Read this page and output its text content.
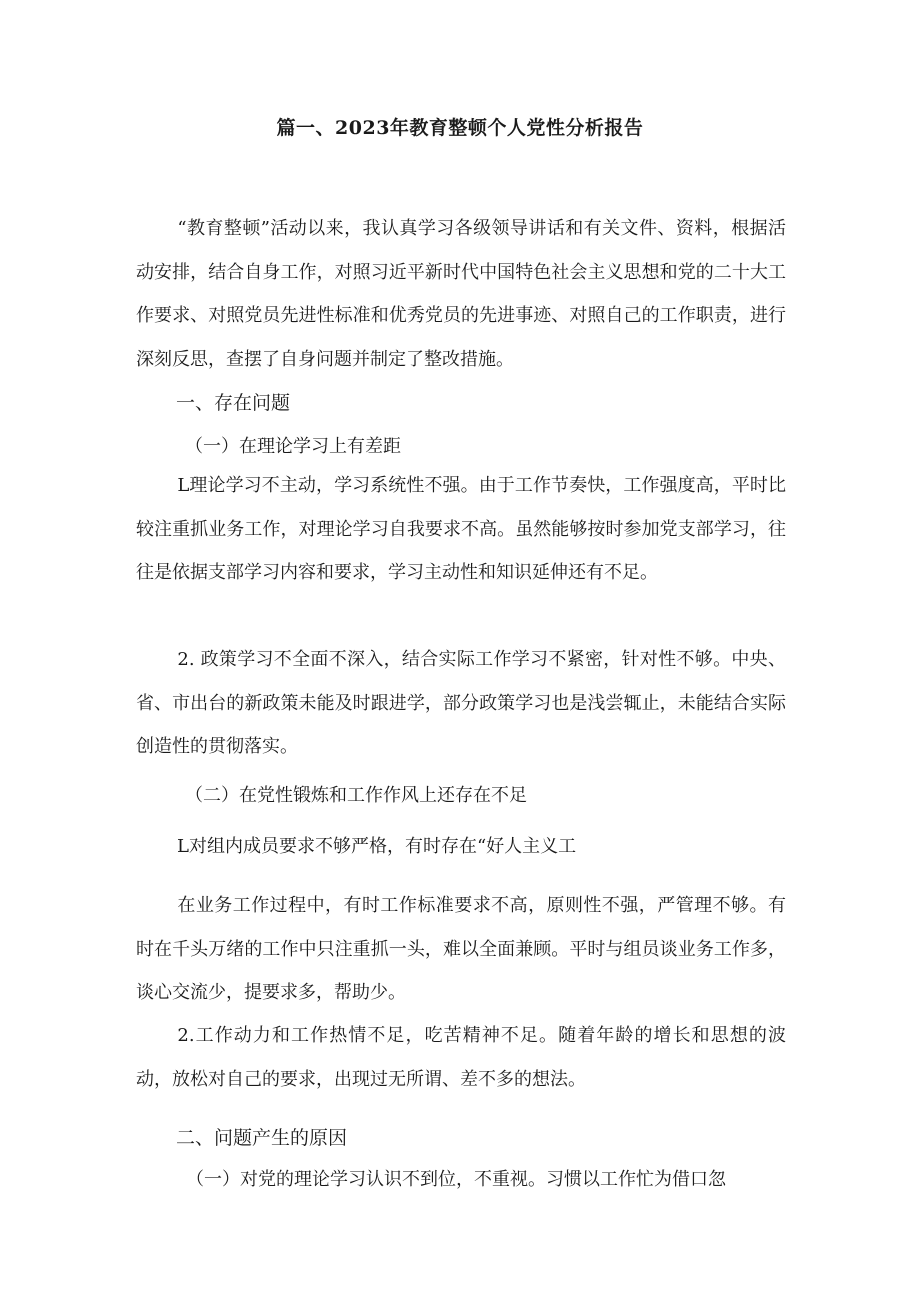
篇一、2023年教育整顿个人党性分析报告

“教育整顿”活动以来，我认真学习各级领导讲话和有关文件、资料，根据活动安排，结合自身工作，对照习近平新时代中国特色社会主义思想和党的二十大工作要求、对照党员先进性标准和优秀党员的先进事迹、对照自己的工作职责，进行深刻反思，查摆了自身问题并制定了整改措施。

一、存在问题

（一）在理论学习上有差距

L理论学习不主动，学习系统性不强。由于工作节奏快，工作强度高，平时比较注重抓业务工作，对理论学习自我要求不高。虽然能够按时参加党支部学习，往往是依据支部学习内容和要求，学习主动性和知识延伸还有不足。

2. 政策学习不全面不深入，结合实际工作学习不紧密，针对性不够。中央、省、市出台的新政策未能及时跟进学，部分政策学习也是浅尝辄止，未能结合实际创造性的贯彻落实。

（二）在党性锻炼和工作作风上还存在不足

L对组内成员要求不够严格，有时存在“好人主义工

在业务工作过程中，有时工作标准要求不高，原则性不强，严管理不够。有时在千头万绪的工作中只注重抓一头，难以全面兼顾。平时与组员谈业务工作多，谈心交流少，提要求多，帮助少。

2.工作动力和工作热情不足，吃苦精神不足。随着年龄的增长和思想的波动，放松对自己的要求，出现过无所谓、差不多的想法。

二、问题产生的原因

（一）对党的理论学习认识不到位，不重视。习惯以工作忙为借口忽
